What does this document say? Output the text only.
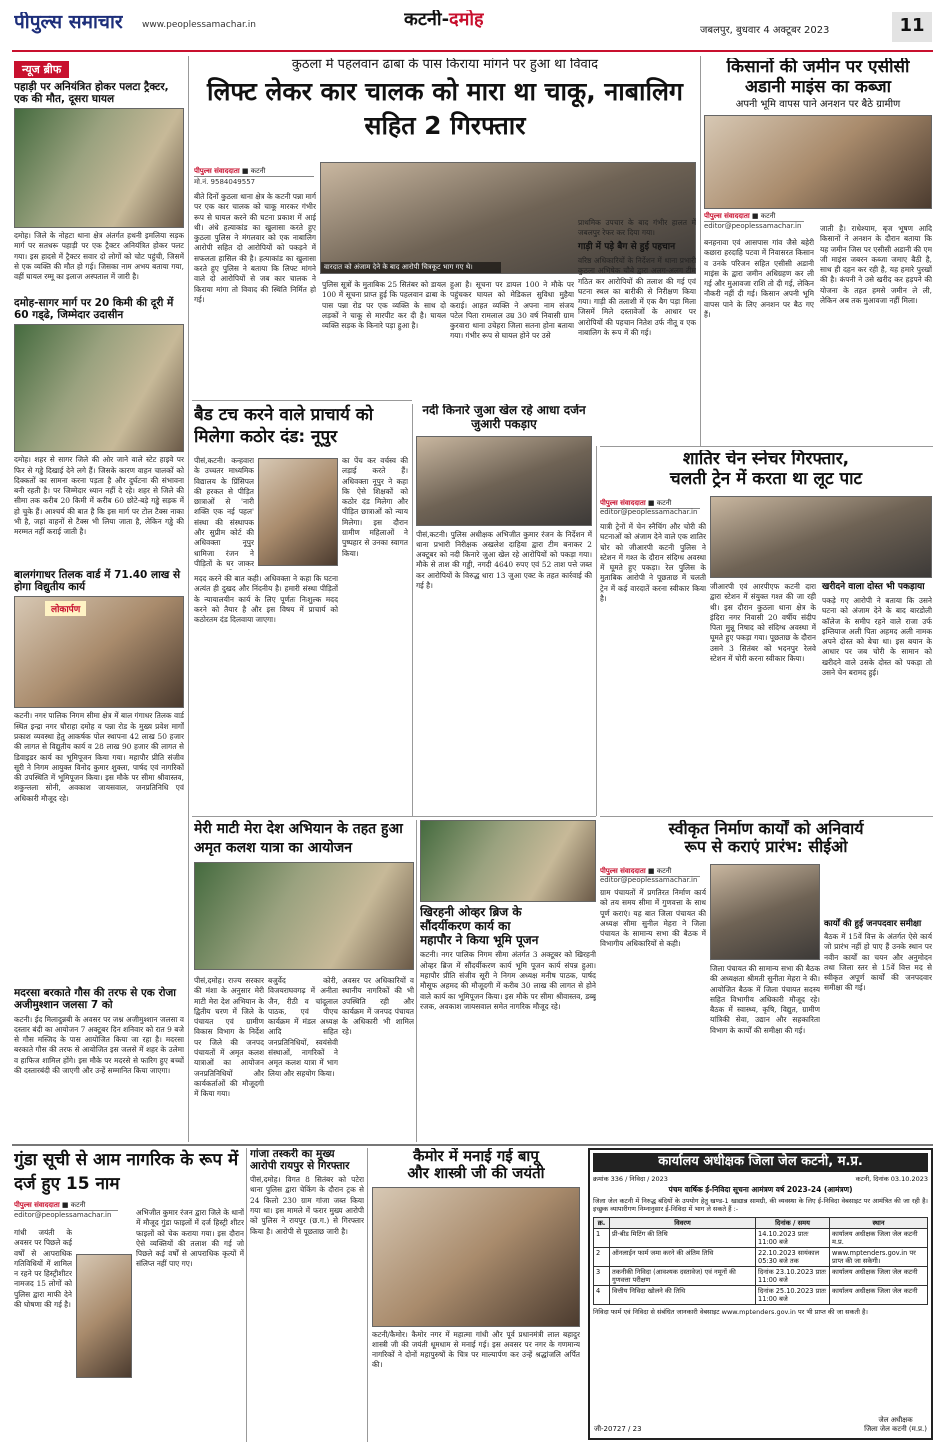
पीपुल्स समाचार www.peoplessamachar.in	कटनी-दमोह
जबलपुर, बुधवार 4 अक्टूबर 2023	11
न्यूज ब्रीफ
पहाड़ी पर अनियंत्रित होकर पलटा ट्रैक्टर, एक की मौत, दूसरा घायल
दमोह। जिले के नोहटा थाना क्षेत्र अंतर्गत हथनी इमलिया सड़क मार्ग पर सतधरू पहाड़ी पर एक ट्रैक्टर अनियंत्रित होकर पलट गया। इस हादसे में ट्रैक्टर सवार दो लोगों को चोट पहुंची, जिसमें से एक व्यक्ति की मौत हो गई। जिसका नाम अभय बताया गया, वहीं घायल रम्मू का इलाज अस्पताल में जारी है।
दमोह-सागर मार्ग पर 20 किमी की दूरी में 60 गड्‌ढे, जिम्मेदार उदासीन
दमोह। शहर से सागर जिले की ओर जाने वाले स्टेट हाइवे पर फिर से गड्ढे दिखाई देने लगे हैं। जिसके कारण वाहन चालकों को दिक्कतों का सामना करना पड़ता है और दुर्घटना की संभावना बनी रहती है। पर जिम्मेदार ध्यान नहीं दे रहे। शहर से जिले की सीमा तक करीब 20 किमी में करीब 60 छोटे-बड़े गड्ढे सड़क में हो चुके हैं। आश्चर्य की बात है कि इस मार्ग पर टोल टैक्स नाका भी है, जहां वाहनों से टैक्स भी लिया जाता है, लेकिन गड्ढे की मरम्मत नहीं कराई जाती है।
बालगंगाधर तिलक वार्ड में 71.40 लाख से होगा विद्युतीय कार्य
लोकार्पण
कटनी। नगर पालिक निगम सीमा क्षेत्र में बाल गंगाधर तिलक वार्ड स्थित इन्द्रा नगर चौराहा दमोह व पन्ना रोड के मुख्य प्रवेश मार्गों प्रकाश व्यवस्था हेतु आकर्षक पोल स्थापना 42 लाख 50 हजार की लागत से विद्युतीय कार्य व 28 लाख 90 हजार की लागत से डिवाइडर कार्य का भूमिपूजन किया गया। महापौर प्रीति संजीव सूरी ने निगम आयुक्त विनोद कुमार शुक्ला, पार्षद एवं नागरिकों की उपस्थिति में भूमिपूजन किया। इस मौके पर सीमा श्रीवास्तव, शकुन्तला सोनी, अवकाश जायसवाल, जनप्रतिनिधि एवं अधिकारी मौजूद रहे।
मदरसा बरकाते गौस की तरफ से एक रोजा अजीमुश्शान जलसा 7 को
कटनी। ईद मिलादुन्नबी के अवसर पर जश्न अजीमुश्शान जलसा व दस्तार बंदी का आयोजन 7 अक्टूबर दिन शनिवार को रात 9 बजे से गौस मस्जिद के पास आयोजित किया जा रहा है। मदरसा बरकाते गौस की तरफ से आयोजित इस जलसे में शहर के उलेमा व हाफिज शामिल होंगे। इस मौके पर मदरसे से फारिग हुए बच्चों की दस्तारबंदी की जाएगी और उन्हें सम्मानित किया जाएगा।
कुठला में पहलवान ढाबा के पास किराया मांगने पर हुआ था विवाद
लिफ्ट लेकर कार चालक को मारा था चाकू, नाबालिग सहित 2 गिरफ्तार
पीपुल्स संवाददाता ■ कटनी
मो.नं. 9584049557
वारदात को अंजाम देने के बाद आरोपी चित्रकूट भाग गए थे।
बीते दिनों कुठला थाना क्षेत्र के कटनी पन्ना मार्ग पर एक कार चालक को चाकू मारकर गंभीर रूप से घायल करने की घटना प्रकाश में आई थी। अंधे हत्याकांड का खुलासा करते हुए कुठला पुलिस ने मंगलवार को एक नाबालिग आरोपी सहित दो आरोपियों को पकड़ने में सफलता हासिल की है। हत्याकांड का खुलासा करते हुए पुलिस ने बताया कि लिफ्ट मांगने वाले दो आरोपियों से जब कार चालक ने किराया मांगा तो विवाद की स्थिति निर्मित हो गई।
पुलिस सूत्रों के मुताबिक 25 सितंबर को डायल 100 में सूचना प्राप्त हुई कि पहलवान ढाबा के पास पन्ना रोड पर एक व्यक्ति के साथ दो लड़कों ने चाकू से मारपीट कर दी है। घायल व्यक्ति सड़क के किनारे पड़ा हुआ है।
हुआ है। सूचना पर डायल 100 ने मौके पर पहुंचकर घायल को मेडिकल सुविधा मुहैया कराई। आहत व्यक्ति ने अपना नाम संजय पटेल पिता रामलाल उम्र 30 वर्ष निवासी ग्राम कुरवारा थाना उचेहरा जिला सतना होना बताया गया। गंभीर रूप से घायल होने पर उसे
प्राथमिक उपचार के बाद गंभीर हालत में जबलपुर रेफर कर दिया गया।
गाड़ी में पड़े बैग से हुई पहचान
वरिष्ठ अधिकारियों के निर्देशन में थाना प्रभारी कुठला अभिषेक चौबे द्वारा अलग-अलग टीम गठित कर आरोपियों की तलाश की गई एवं घटना स्थल का बारीकी से निरीक्षण किया गया। गाड़ी की तलाशी में एक बैग पड़ा मिला जिसमें मिले दस्तावेजों के आधार पर आरोपियों की पहचान नितेश उर्फ नीतू व एक नाबालिग के रूप में की गई।
किसानों की जमीन पर एसीसी
अडानी माइंस का कब्जा
अपनी भूमि वापस पाने अनशन पर बैठे ग्रामीण
पीपुल्स संवाददाता ■ कटनी
editor@peoplessamachar.in
बनहनावा एवं आसपास गांव जैसे बहेरी कछारा हरदाहि पटवा में निवासरत किसान व उनके परिजन सहित एसीसी अडानी माइंस के द्वारा जमीन अधिग्रहण कर ली गई और मुआवजा राशि तो दी गई, लेकिन नौकरी नहीं दी गई। किसान अपनी भूमि वापस पाने के लिए अनशन पर बैठ गए हैं।
जाती है। राधेश्याम, बृज भूषण आदि किसानों ने अनशन के दौरान बताया कि यह जमीन जिस पर एसीसी अडानी की एम जी माइंस जबरन कब्जा जमाए बैठी है, साथ ही दहन कर रही है, यह हमारे पुरखों की है। कंपनी ने उसे खरीद कर हड़पने की योजना के तहत हमसे जमीन ले ली, लेकिन अब तक मुआवजा नहीं मिला।
बैड टच करने वाले प्राचार्य को मिलेगा कठोर दंड: नूपुर
पीसं,कटनी। कन्हवारा के उच्चतर माध्यमिक विद्यालय के प्रिंसिपल की हरकत से पीड़ित छात्राओं से 'नारी शक्ति एक नई पहल' संस्था की संस्थापक और सुप्रीम कोर्ट की अधिवक्ता नूपुर धामिजा रंजन ने पीड़ितों के घर जाकर
का पेंच कर वर्चस्व की लड़ाई करते हैं। अधिवक्ता नूपुर ने कहा कि ऐसे शिक्षकों को कठोर दंड मिलेगा और पीड़ित छात्राओं को न्याय मिलेगा। इस दौरान ग्रामीण महिलाओं ने पुष्पहार से उनका स्वागत किया।
मदद करने की बात कही। अधिवक्ता ने कहा कि घटना अत्यंत ही दुखद और निंदनीय है। हमारी संस्था पीड़ितों के न्यायालयीन कार्य के लिए पूर्णतः निःशुल्क मदद करने को तैयार है और इस विषय में प्राचार्य को कठोरतम दंड दिलवाया जाएगा।
नदी किनारे जुआ खेल रहे आधा दर्जन जुआरी पकड़ाए
पीसं,कटनी। पुलिस अधीक्षक अभिजीत कुमार रंजन के निर्देशन में थाना प्रभारी निरीक्षक अखलेश दाहिया द्वारा टीम बनाकर 2 अक्टूबर को नदी किनारे जुआ खेल रहे आरोपियों को पकड़ा गया। मौके से ताश की गड्डी, नगदी 4640 रुपए एवं 52 ताश पत्ते जब्त कर आरोपियों के विरुद्ध धारा 13 जुआ एक्ट के तहत कार्रवाई की गई है।
शातिर चेन स्नेचर गिरफ्तार,
चलती ट्रेन में करता था लूट पाट
पीपुल्स संवाददाता ■ कटनी
editor@peoplessamachar.in
यात्री ट्रेनों में चेन स्नैचिंग और चोरी की घटनाओं को अंजाम देने वाले एक शातिर चोर को जीआरपी कटनी पुलिस ने स्टेशन में गश्त के दौरान संदिग्ध अवस्था में घूमते हुए पकड़ा। रेल पुलिस के मुताबिक आरोपी ने पूछताछ में चलती ट्रेन में कई वारदातें करना स्वीकार किया है।
जीआरपी एवं आरपीएफ कटनी दारा द्वारा स्टेशन में संयुक्त गश्त की जा रही थी। इस दौरान कुठला थाना क्षेत्र के इंदिरा नगर निवासी 20 वर्षीय संदीप पिता मुन्नू निषाद को संदिग्ध अवस्था में घूमते हुए पकड़ा गया। पूछताछ के दौरान उसने 3 सितंबर को भदनपुर रेलवे स्टेशन में चोरी करना स्वीकार किया।
खरीदने वाला दोस्त भी पकड़ाया
पकड़े गए आरोपी ने बताया कि उसने घटना को अंजाम देने के बाद बारडोली कॉलेज के समीप रहने वाले राजा उर्फ इम्तियाज अली पिता अहमद अली नामक अपने दोस्त को बेचा था। इस बयान के आधार पर जब चोरी के सामान को खरीदने वाले उसके दोस्त को पकड़ा तो उसने चेन बरामद हुई।
मेरी माटी मेरा देश अभियान के तहत हुआ अमृत कलश यात्रा का आयोजन
पीसं,दमोह। राज्य सरकार की मंशा के अनुसार मेरी माटी मेरा देश अभियान के द्वितीय चरण में जिले के पंचायत एवं ग्रामीण विकास विभाग के निर्देश पर जिले की जनपद पंचायतों में अमृत कलश यात्राओं का आयोजन जनप्रतिनिधियों और कार्यकर्ताओं की मौजूदगी में किया गया।
बजुर्वेद कोरी, विजयराघवगढ़ में अनीता जैन, रीठी व चांदूलाल पाठक, एवं पीएच कार्यक्रम में मंडल अध्यक्ष आदि सहित जनप्रतिनिधियों, स्वयंसेवी संस्थाओं, नागरिकों ने अमृत कलश यात्रा में भाग लिया और सहयोग किया।
अवसर पर अधिकारियों व स्थानीय नागरिकों की भी उपस्थिति रही और कार्यक्रम में जनपद पंचायत के अधिकारी भी शामिल रहे।
खिरहनी ओव्हर ब्रिज के
सौंदर्यीकरण कार्य का
महापौर ने किया भूमि पूजन
कटनी। नगर पालिक निगम सीमा अंतर्गत 3 अक्टूबर को खिरहनी ओव्हर ब्रिज में सौंदर्यीकरण कार्य भूमि पूजन कार्य संपन्न हुआ। महापौर प्रीति संजीव सूरी ने निगम अध्यक्ष मनीष पाठक, पार्षद मौसूफ अहमद की मौजूदगी में करीब 30 लाख की लागत से होने वाले कार्य का भूमिपूजन किया। इस मौके पर सीमा श्रीवास्तव, डब्बू रजक, अवकाश जायसवाल समेत नागरिक मौजूद रहे।
स्वीकृत निर्माण कार्यों को अनिवार्य
रूप से कराएं प्रारंभ: सीईओ
पीपुल्स संवाददाता ■ कटनी
editor@peoplessamachar.in
ग्राम पंचायतों में प्रगतिरत निर्माण कार्य को तय समय सीमा में गुणवत्ता के साथ पूर्ण कराएं। यह बात जिला पंचायत की अध्यक्ष सीमा सुनील मेहरा ने जिला पंचायत के सामान्य सभा की बैठक में विभागीय अधिकारियों से कही।
जिला पंचायत की सामान्य सभा की बैठक की अध्यक्षता श्रीमती सुनीता मेहरा ने की। आयोजित बैठक में जिला पंचायत सदस्य सहित विभागीय अधिकारी मौजूद रहे। बैठक में स्वास्थ्य, कृषि, विद्युत, ग्रामीण यांत्रिकी सेवा, उद्यान और सहकारिता विभाग के कार्यों की समीक्षा की गई।
कार्यों की हुई जनपदवार समीक्षा
बैठक में 15वें वित्त के अंतर्गत ऐसे कार्य जो प्रारंभ नहीं हो पाए हैं उनके स्थान पर नवीन कार्यों का चयन और अनुमोदन तथा जिला स्तर से 15वें वित्त मद से स्वीकृत अपूर्ण कार्यों की जनपदवार समीक्षा की गई।
गुंडा सूची से आम नागरिक के रूप में दर्ज हुए 15 नाम
पीपुल्स संवाददाता ■ कटनी
editor@peoplessamachar.in
गांधी जयंती के अवसर पर पिछले कई वर्षों से आपराधिक गतिविधियों में शामिल न रहने पर हिस्ट्रीशीटर नामजद 15 लोगों को पुलिस द्वारा माफी देने की घोषणा की गई है।
अभिजीत कुमार रंजन द्वारा जिले के थानों में मौजूद गुंडा फाइलों में दर्ज हिस्ट्री शीटर फाइलों को चेक कराया गया। इस दौरान ऐसे व्यक्तियों की तलाश की गई जो पिछले कई वर्षों से आपराधिक कृत्यों में संलिप्त नहीं पाए गए।
गांजा तस्करी का मुख्य आरोपी रायपुर से गिरफ्तार
पीसं,दमोह। विगत 8 सितंबर को पटेरा थाना पुलिस द्वारा चेकिंग के दौरान ट्रक से 24 किलो 230 ग्राम गांजा जब्त किया गया था। इस मामले में फरार मुख्य आरोपी को पुलिस ने रायपुर (छ.ग.) से गिरफ्तार किया है। आरोपी से पूछताछ जारी है।
कैमोर में मनाई गई बापू
और शास्त्री जी की जयंती
कटनी/कैमोर। कैमोर नगर में महात्मा गांधी और पूर्व प्रधानमंत्री लाल बहादुर शास्त्री जी की जयंती धूमधाम से मनाई गई। इस अवसर पर नगर के गणमान्य नागरिकों ने दोनों महापुरुषों के चित्र पर माल्यार्पण कर उन्हें श्रद्धांजलि अर्पित की।
कार्यालय अधीक्षक जिला जेल कटनी, म.प्र.
क्रमांक 336 / निविदा / 2023	कटनी, दिनांक 03.10.2023
पंचम वार्षिक ई-निविदा सूचना आमंत्रण वर्ष 2023-24 (आमंत्रण)
जिला जेल कटनी में निरुद्ध बंदियों के उपयोग हेतु खण्ड-1 खाद्यान्न सामग्री, की व्यवस्था के लिए ई-निविदा वेबसाइट पर आमंत्रित की जा रही है। इच्छुक व्यापारीगण निम्नानुसार ई-निविदा में भाग ले सकते हैं :-
क्र.	विवरण	दिनांक / समय	स्थान
1	प्री-बीड मिटिंग की तिथि	14.10.2023 प्रातः 11:00 बजे	कार्यालय अधीक्षक जिला जेल कटनी म.प्र.
2	ऑनलाईन फार्म जमा करने की अंतिम तिथि	22.10.2023 सायंकाल 05:30 बजे तक	www.mptenders.gov.in पर प्राप्त की जा सकेगी।
3	तकनीकी निविदा (आवश्यक दस्तावेज) एवं नमूनों की गुणवत्ता परीक्षण	दिनांक 23.10.2023 प्रातः 11:00 बजे	कार्यालय अधीक्षक जिला जेल कटनी
4	वित्तीय निविदा खोलने की तिथि	दिनांक 25.10.2023 प्रातः 11:00 बजे	कार्यालय अधीक्षक जिला जेल कटनी
निविदा फार्म एवं निविदा से संबंधित जानकारी वेबसाइट www.mptenders.gov.in पर भी प्राप्त की जा सकती है।
जी-20727 / 23
जेल अधीक्षक
जिला जेल कटनी (म.प्र.)
